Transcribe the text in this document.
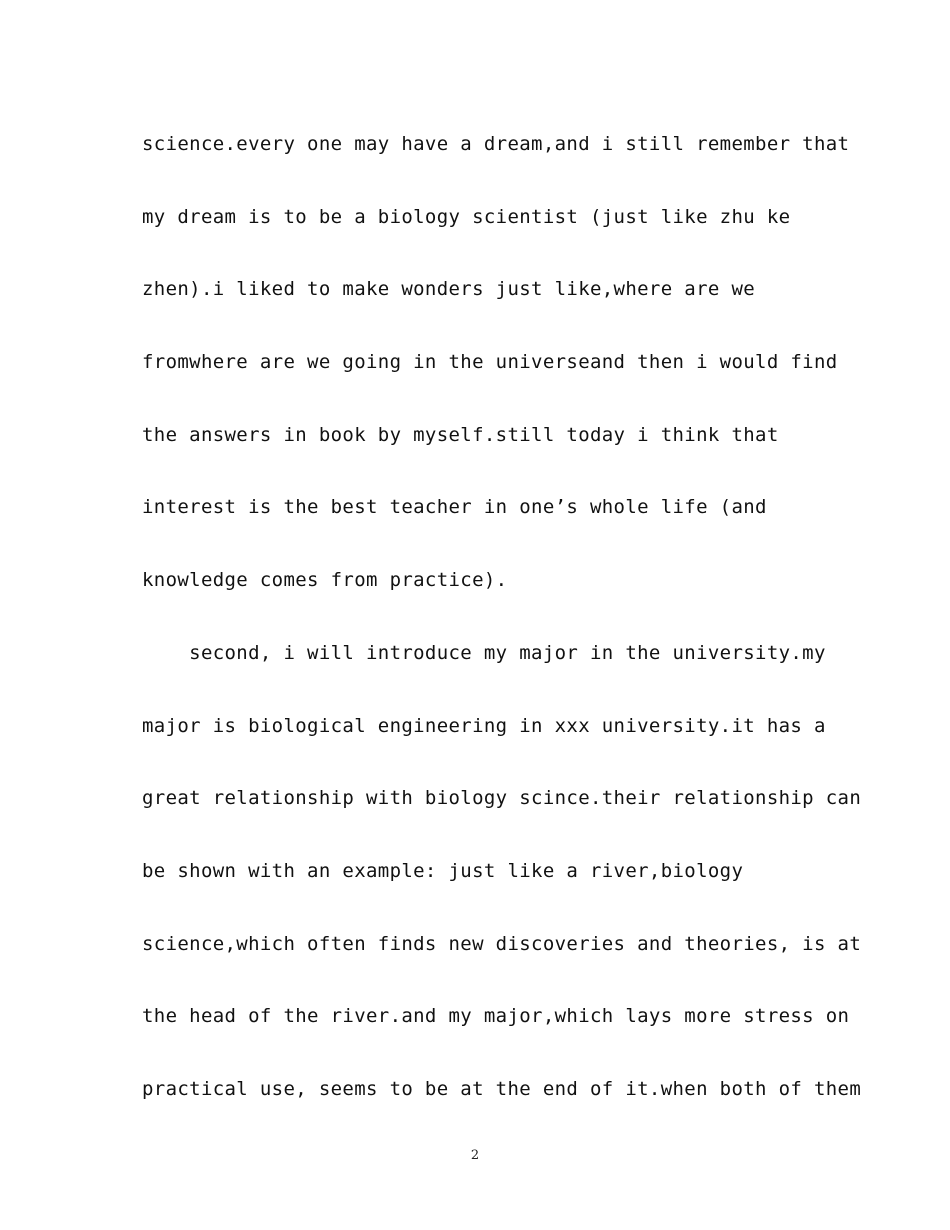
science.every one may have a dream,and i still remember that
my dream is to be a biology scientist (just like zhu ke
zhen).i liked to make wonders just like,where are we
fromwhere are we going in the universeand then i would find
the answers in book by myself.still today i think that
interest is the best teacher in one’s whole life (and
knowledge comes from practice).
second, i will introduce my major in the university.my
major is biological engineering in xxx university.it has a
great relationship with biology scince.their relationship can
be shown with an example: just like a river,biology
science,which often finds new discoveries and theories, is at
the head of the river.and my major,which lays more stress on
practical use, seems to be at the end of it.when both of them
2
